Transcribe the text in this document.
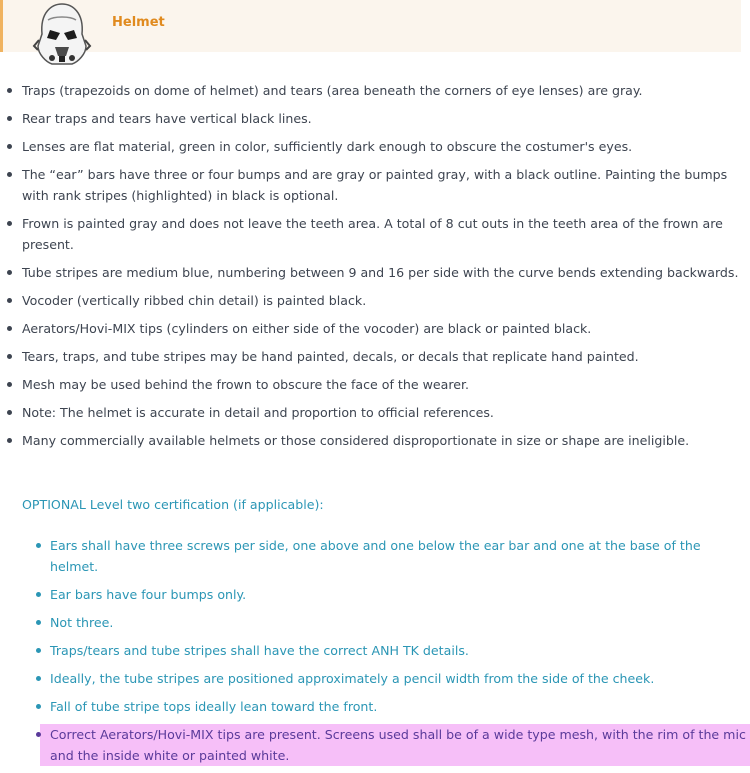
Helmet
Traps (trapezoids on dome of helmet) and tears (area beneath the corners of eye lenses) are gray.
Rear traps and tears have vertical black lines.
Lenses are flat material, green in color, sufficiently dark enough to obscure the costumer's eyes.
The “ear” bars have three or four bumps and are gray or painted gray, with a black outline. Painting the bumps with rank stripes (highlighted) in black is optional.
Frown is painted gray and does not leave the teeth area. A total of 8 cut outs in the teeth area of the frown are present.
Tube stripes are medium blue, numbering between 9 and 16 per side with the curve bends extending backwards.
Vocoder (vertically ribbed chin detail) is painted black.
Aerators/Hovi-MIX tips (cylinders on either side of the vocoder) are black or painted black.
Tears, traps, and tube stripes may be hand painted, decals, or decals that replicate hand painted.
Mesh may be used behind the frown to obscure the face of the wearer.
Note: The helmet is accurate in detail and proportion to official references.
Many commercially available helmets or those considered disproportionate in size or shape are ineligible.
OPTIONAL Level two certification (if applicable):
Ears shall have three screws per side, one above and one below the ear bar and one at the base of the helmet.
Ear bars have four bumps only.
Not three.
Traps/tears and tube stripes shall have the correct ANH TK details.
Ideally, the tube stripes are positioned approximately a pencil width from the side of the cheek.
Fall of tube stripe tops ideally lean toward the front.
Correct Aerators/Hovi-MIX tips are present. Screens used shall be of a wide type mesh, with the rim of the mic and the inside white or painted white.
